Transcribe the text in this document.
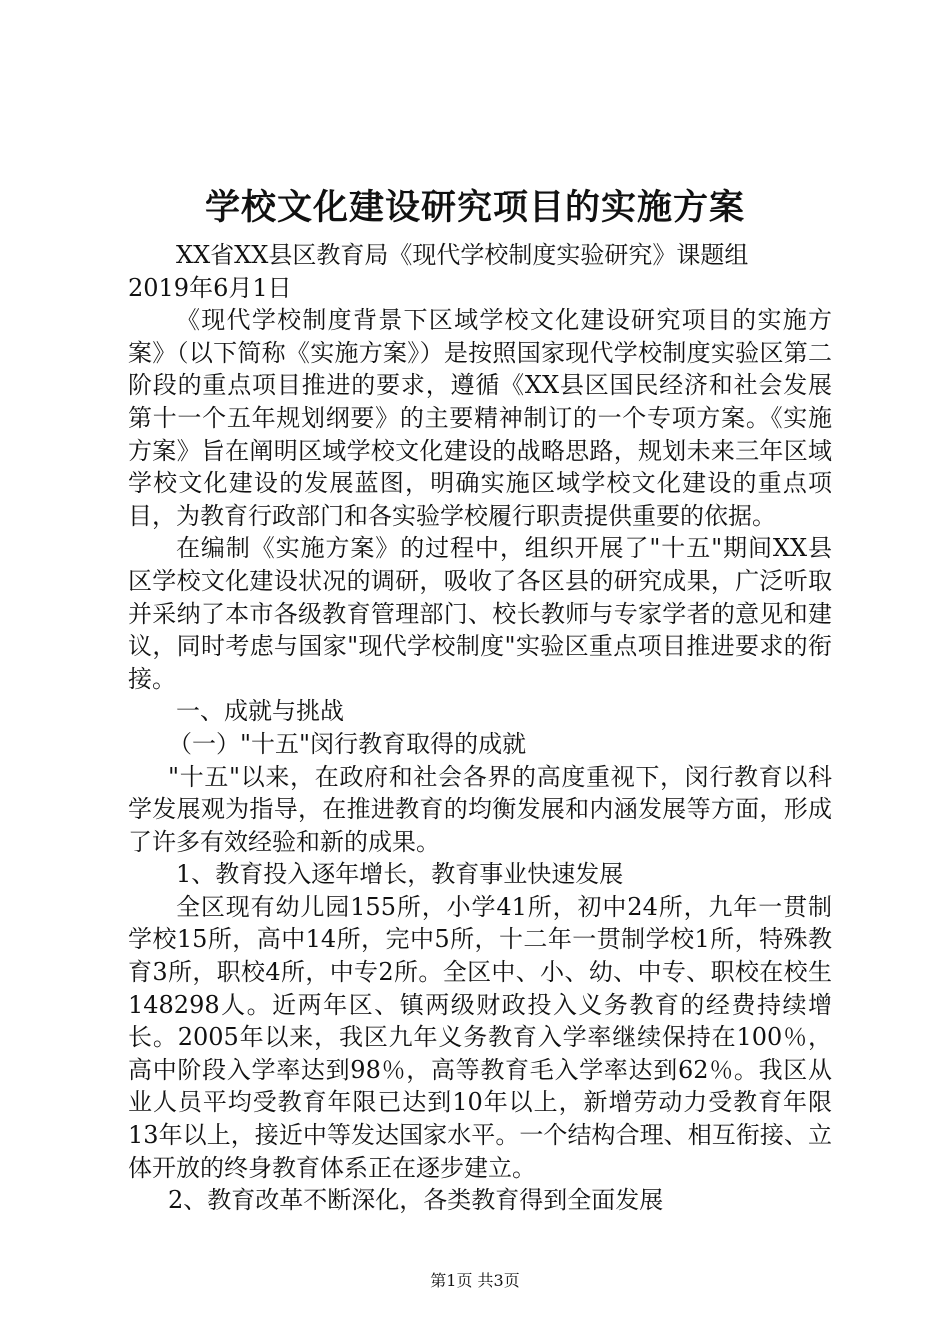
学校文化建设研究项目的实施方案

XX省XX县区教育局《现代学校制度实验研究》课题组

2019年6月1日

《现代学校制度背景下区域学校文化建设研究项目的实施方案》（以下简称《实施方案》）是按照国家现代学校制度实验区第二阶段的重点项目推进的要求，遵循《XX县区国民经济和社会发展第十一个五年规划纲要》的主要精神制订的一个专项方案。《实施方案》旨在阐明区域学校文化建设的战略思路，规划未来三年区域学校文化建设的发展蓝图，明确实施区域学校文化建设的重点项目，为教育行政部门和各实验学校履行职责提供重要的依据。

在编制《实施方案》的过程中，组织开展了"十五"期间XX县区学校文化建设状况的调研，吸收了各区县的研究成果，广泛听取并采纳了本市各级教育管理部门、校长教师与专家学者的意见和建议，同时考虑与国家"现代学校制度"实验区重点项目推进要求的衔接。

一、成就与挑战

（一）"十五"闵行教育取得的成就

"十五"以来，在政府和社会各界的高度重视下，闵行教育以科学发展观为指导，在推进教育的均衡发展和内涵发展等方面，形成了许多有效经验和新的成果。

1、教育投入逐年增长，教育事业快速发展

全区现有幼儿园155所，小学41所，初中24所，九年一贯制学校15所，高中14所，完中5所，十二年一贯制学校1所，特殊教育3所，职校4所，中专2所。全区中、小、幼、中专、职校在校生148298人。近两年区、镇两级财政投入义务教育的经费持续增长。2005年以来，我区九年义务教育入学率继续保持在100％，高中阶段入学率达到98％，高等教育毛入学率达到62％。我区从业人员平均受教育年限已达到10年以上，新增劳动力受教育年限13年以上，接近中等发达国家水平。一个结构合理、相互衔接、立体开放的终身教育体系正在逐步建立。

2、教育改革不断深化，各类教育得到全面发展

第1页 共3页
